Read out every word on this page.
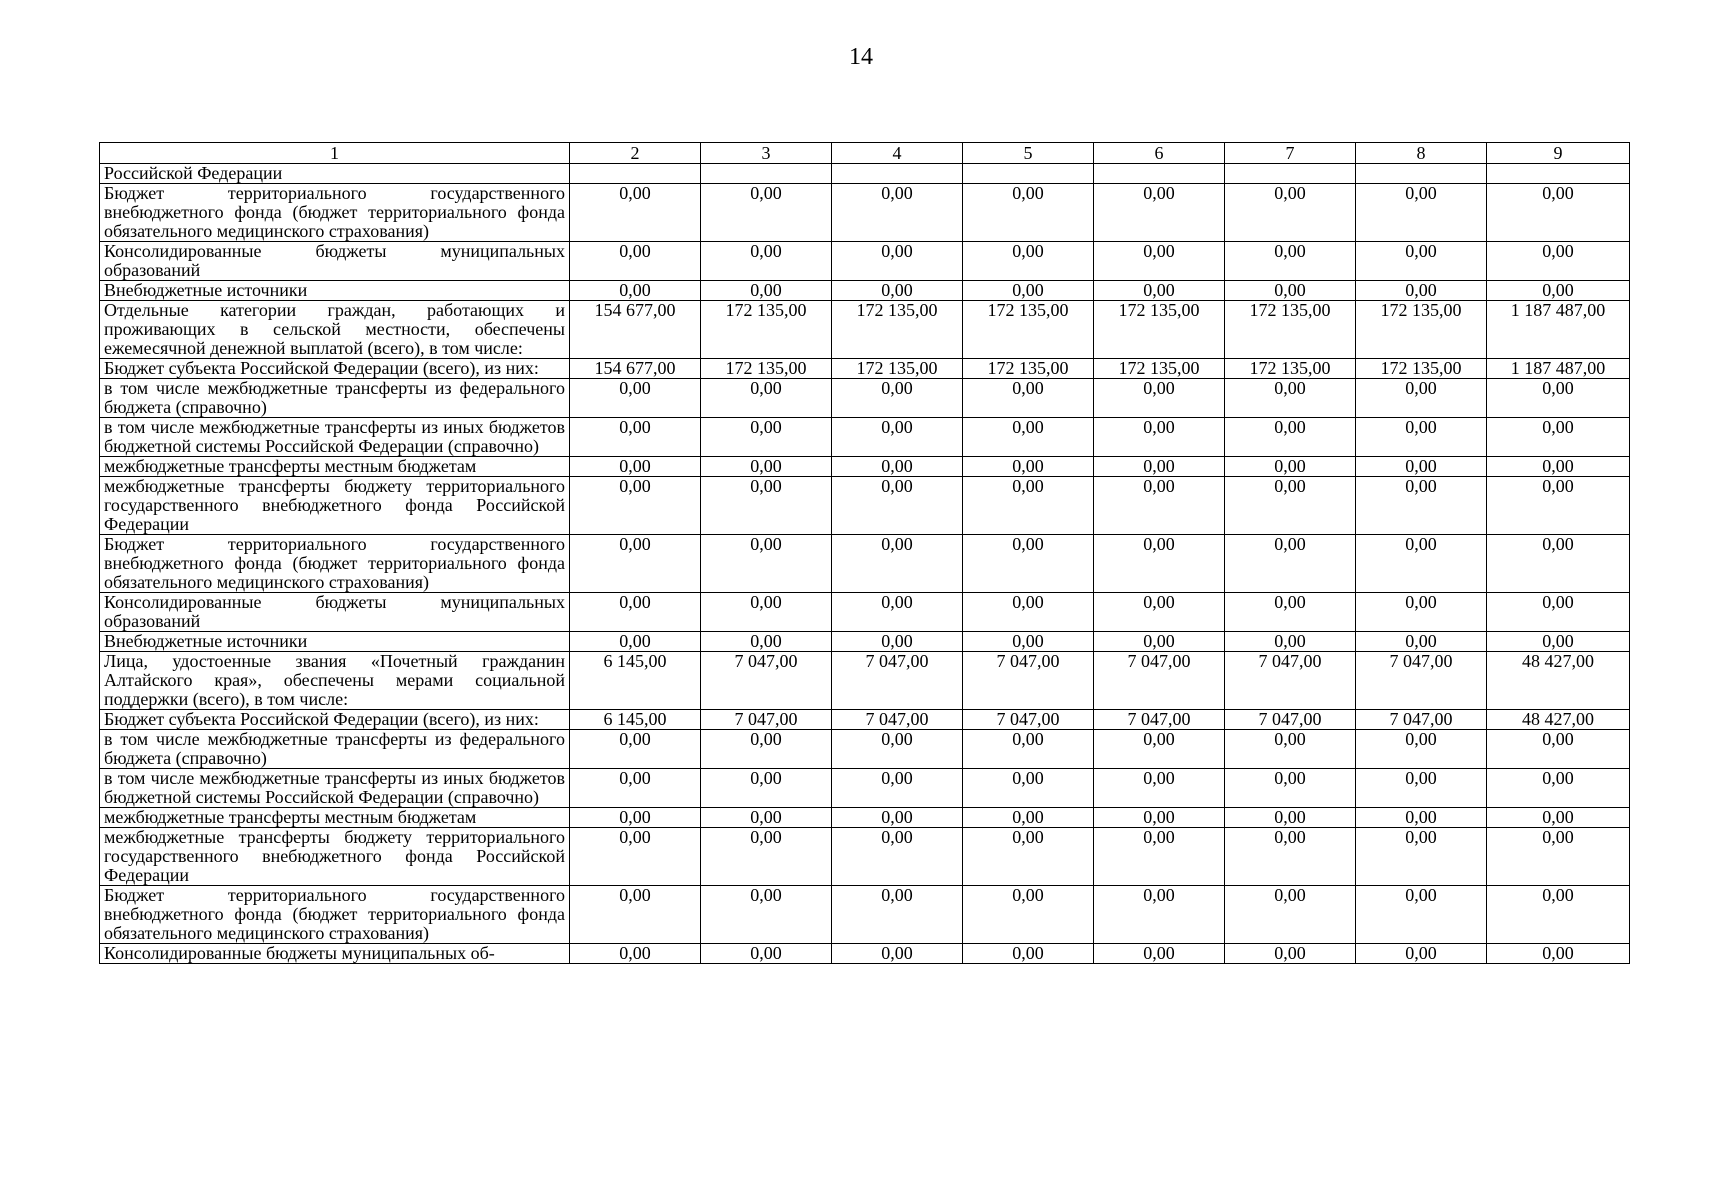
14
1	2	3	4	5	6	7	8	9
Российской Федерации								
Бюджет территориального государственного внебюджетного фонда (бюджет территориального фонда обязательного медицинского страхования)	0,00	0,00	0,00	0,00	0,00	0,00	0,00	0,00
Консолидированные бюджеты муниципальных образований	0,00	0,00	0,00	0,00	0,00	0,00	0,00	0,00
Внебюджетные источники	0,00	0,00	0,00	0,00	0,00	0,00	0,00	0,00
Отдельные категории граждан, работающих и проживающих в сельской местности, обеспечены ежемесячной денежной выплатой (всего), в том числе:	154 677,00	172 135,00	172 135,00	172 135,00	172 135,00	172 135,00	172 135,00	1 187 487,00
Бюджет субъекта Российской Федерации (всего), из них:	154 677,00	172 135,00	172 135,00	172 135,00	172 135,00	172 135,00	172 135,00	1 187 487,00
в том числе межбюджетные трансферты из федерального бюджета (справочно)	0,00	0,00	0,00	0,00	0,00	0,00	0,00	0,00
в том числе межбюджетные трансферты из иных бюджетов бюджетной системы Российской Федерации (справочно)	0,00	0,00	0,00	0,00	0,00	0,00	0,00	0,00
межбюджетные трансферты местным бюджетам	0,00	0,00	0,00	0,00	0,00	0,00	0,00	0,00
межбюджетные трансферты бюджету территориального государственного внебюджетного фонда Российской Федерации	0,00	0,00	0,00	0,00	0,00	0,00	0,00	0,00
Бюджет территориального государственного внебюджетного фонда (бюджет территориального фонда обязательного медицинского страхования)	0,00	0,00	0,00	0,00	0,00	0,00	0,00	0,00
Консолидированные бюджеты муниципальных образований	0,00	0,00	0,00	0,00	0,00	0,00	0,00	0,00
Внебюджетные источники	0,00	0,00	0,00	0,00	0,00	0,00	0,00	0,00
Лица, удостоенные звания «Почетный гражданин Алтайского края», обеспечены мерами социальной поддержки (всего), в том числе:	6 145,00	7 047,00	7 047,00	7 047,00	7 047,00	7 047,00	7 047,00	48 427,00
Бюджет субъекта Российской Федерации (всего), из них:	6 145,00	7 047,00	7 047,00	7 047,00	7 047,00	7 047,00	7 047,00	48 427,00
в том числе межбюджетные трансферты из федерального бюджета (справочно)	0,00	0,00	0,00	0,00	0,00	0,00	0,00	0,00
в том числе межбюджетные трансферты из иных бюджетов бюджетной системы Российской Федерации (справочно)	0,00	0,00	0,00	0,00	0,00	0,00	0,00	0,00
межбюджетные трансферты местным бюджетам	0,00	0,00	0,00	0,00	0,00	0,00	0,00	0,00
межбюджетные трансферты бюджету территориального государственного внебюджетного фонда Российской Федерации	0,00	0,00	0,00	0,00	0,00	0,00	0,00	0,00
Бюджет территориального государственного внебюджетного фонда (бюджет территориального фонда обязательного медицинского страхования)	0,00	0,00	0,00	0,00	0,00	0,00	0,00	0,00
Консолидированные бюджеты муниципальных об-	0,00	0,00	0,00	0,00	0,00	0,00	0,00	0,00
